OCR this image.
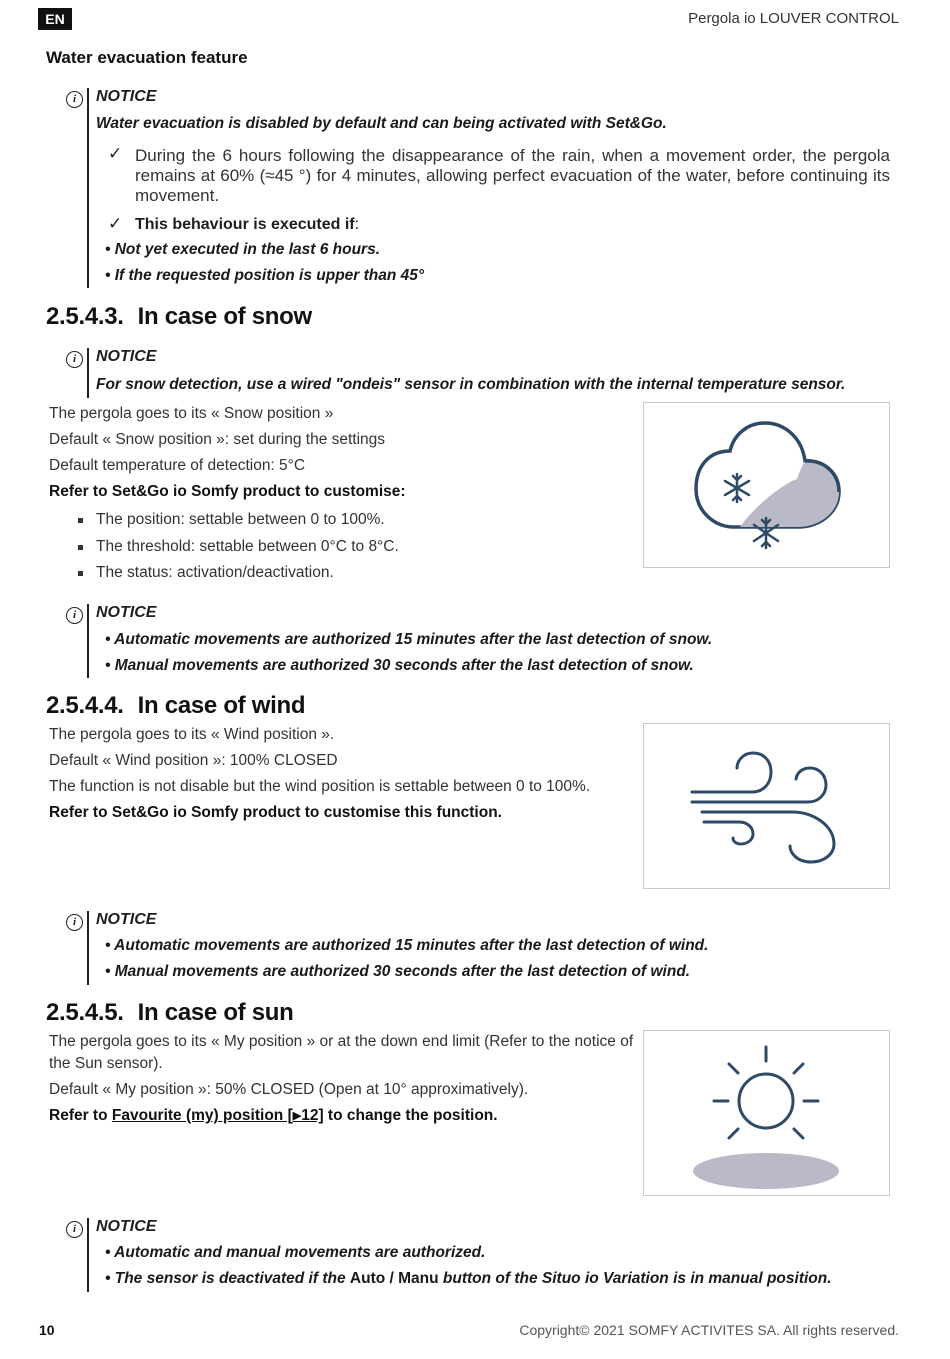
EN	Pergola io LOUVER CONTROL
Water evacuation feature
i	NOTICE
Water evacuation is disabled by default and can being activated with Set&Go.
✓ During the 6 hours following the disappearance of the rain, when a movement order, the pergola remains at 60% (≈45 °) for 4 minutes, allowing perfect evacuation of the water, before continuing its movement.
✓ This behaviour is executed if:
• Not yet executed in the last 6 hours.
• If the requested position is upper than 45°
2.5.4.3. In case of snow
i	NOTICE
For snow detection, use a wired "ondeis" sensor in combination with the internal temperature sensor.
The pergola goes to its « Snow position »
Default « Snow position »: set during the settings
Default temperature of detection: 5°C
Refer to Set&Go io Somfy product to customise:
The position: settable between 0 to 100%.
The threshold: settable between 0°C to 8°C.
The status: activation/deactivation.
i	NOTICE
• Automatic movements are authorized 15 minutes after the last detection of snow.
• Manual movements are authorized 30 seconds after the last detection of snow.
2.5.4.4. In case of wind
The pergola goes to its « Wind position ».
Default « Wind position »: 100% CLOSED
The function is not disable but the wind position is settable between 0 to 100%.
Refer to Set&Go io Somfy product to customise this function.
i	NOTICE
• Automatic movements are authorized 15 minutes after the last detection of wind.
• Manual movements are authorized 30 seconds after the last detection of wind.
2.5.4.5. In case of sun
The pergola goes to its « My position » or at the down end limit (Refer to the notice of
the Sun sensor).
Default « My position »: 50% CLOSED (Open at 10° approximatively).
Refer to Favourite (my) position [▶12] to change the position.
i	NOTICE
• Automatic and manual movements are authorized.
• The sensor is deactivated if the Auto / Manu button of the Situo io Variation is in manual position.
10	Copyright© 2021 SOMFY ACTIVITES SA. All rights reserved.
